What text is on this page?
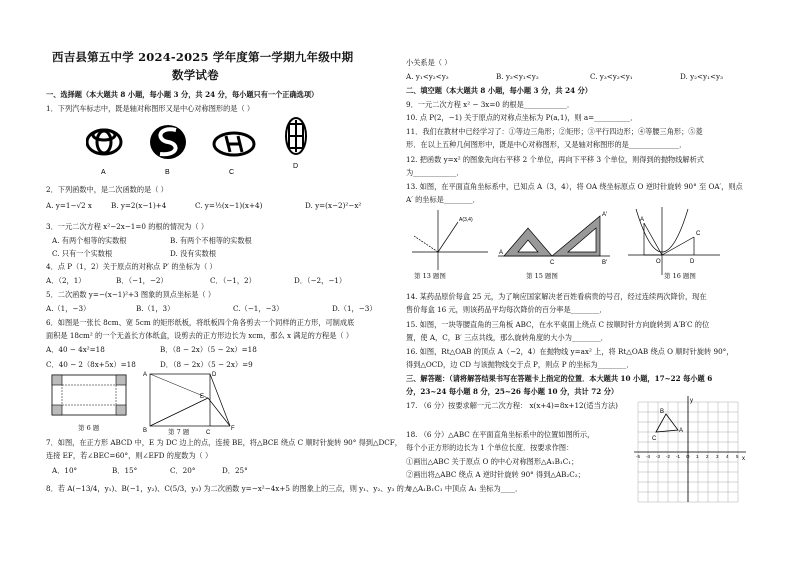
西吉县第五中学 2024-2025 学年度第一学期九年级中期
数学试卷
一、选择题（本大题共 8 小题，每小题 3 分，共 24 分，每小题只有一个正确选项）
1．下列汽车标志中，既是轴对称图形又是中心对称图形的是（ ）
A	B	C
D
2．下列函数中，是二次函数的是（ ）
A. y=1−√2 x	B. y=2(x−1)+4	C. y=½(x−1)(x+4)	D. y=(x−2)²−x²
3．一元二次方程 x²−2x−1=0 的根的情况为（ ）
A. 有两个相等的实数根	B. 有两个不相等的实数根
C. 只有一个实数根	D. 没有实数根
4．点 P（1，2）关于原点的对称点 P′ 的坐标为（ ）
A．（2，1）	B．（−1，−2）	C．（−1，2）	D．（−2，−1）
5．二次函数 y=−(x−1)²+3 图象的顶点坐标是（ ）
A.（1，−3）	B.（1，3）	C.（−1，−3）	D.（1，−3）
6．如图是一张长 8cm、宽 5cm 的矩形纸板，将纸板四个角各剪去一个同样的正方形，可制成底
面积是 18cm² 的一个无盖长方体纸盒，设剪去的正方形边长为 xcm，那么 x 满足的方程是（ ）
A．40 − 4x²=18	B．（8 − 2x）（5 − 2x）=18
C．40 − 2（8x+5x）=18	D．（8 − 2x）（5 − 2x）=9
第 6 题
A	D
B	C
E
F
第 7 题
7．如图，在正方形 ABCD 中，E 为 DC 边上的点，连接 BE，将△BCE 绕点 C 顺时针旋转 90° 得到△DCF，
连接 EF，若∠BEC=60°，则∠EFD 的度数为（ ）
A．10°	B．15°	C．20°	D．25°
8．若 A(−13/4，y₁)、B(−1，y₂)、C(5/3，y₃) 为二次函数 y=−x²−4x+5 的图象上的三点，则 y₁、y₂、y₃ 的大
小关系是（ ）
A. y₁<y₂<y₃	B. y₃<y₁<y₂	C. y₃<y₂<y₁	D. y₂<y₁<y₃
二、填空题（本大题共 8 小题，每小题 3 分，共 24 分）
9．一元二次方程 x² − 3x=0 的根是____________．
10. 点 P(2，−1) 关于原点的对称点坐标为 P(a,1)，则 a=__________．
11．我们在教材中已经学习了：①等边三角形；②矩形；③平行四边形；④等腰三角形；⑤菱
形．在以上五种几何图形中，既是中心对称图形，又是轴对称图形的是______________．
12. 把函数 y=x² 的图象先向右平移 2 个单位，再向下平移 3 个单位，则得到的抛物线解析式
为____________．
13. 如图，在平面直角坐标系中，已知点 A（3，4），将 OA 绕坐标原点 O 逆时针旋转 90° 至 OA′，则点
A′ 的坐标是________．
A(3,4)
第 13 题图
A
C
A′
B′
第 15 题图
A
C
O	D
第 16 题图
14. 某药品原价每盒 25 元，为了响应国家解决老百姓看病贵的号召，经过连续两次降价，现在
售价每盒 16 元，则该药品平均每次降价的百分率是________．
15. 如图，一块等腰直角的三角板 ABC，在水平桌面上绕点 C 按顺时针方向旋转到 A′B′C 的位
置，使 A，C，B′ 三点共线，那么旋转角度的大小为________．
16. 如图，Rt△OAB 的顶点 A（−2，4）在抛物线 y=ax² 上，将 Rt△OAB 绕点 O 顺时针旋转 90°，
得到△OCD，边 CD 与该抛物线交于点 P，则点 P 的坐标为________．
三、解答题：（请将解答结果书写在答题卡上指定的位置．本大题共 10 小题，17~22 每小题 6
分，23~24 每小题 8 分，25~26 每小题 10 分，共计 72 分）
17. （6 分）按要求解一元二次方程： x(x+4)=8x+12(适当方法)
18. （6 分）△ABC 在平面直角坐标系中的位置如图所示，
每个小正方形的边长为 1 个单位长度．按要求作图：
①画出△ABC 关于原点 O 的中心对称图形△A₁B₁C₁；
②画出将△ABC 绕点 A 逆时针旋转 90° 得到△AB₂C₂；
③△A₁B₁C₁ 中顶点 A₁ 坐标为____．
C
B
A
x
y
-5 -4 -3 -2 -1 O 1 2 3 4 5
